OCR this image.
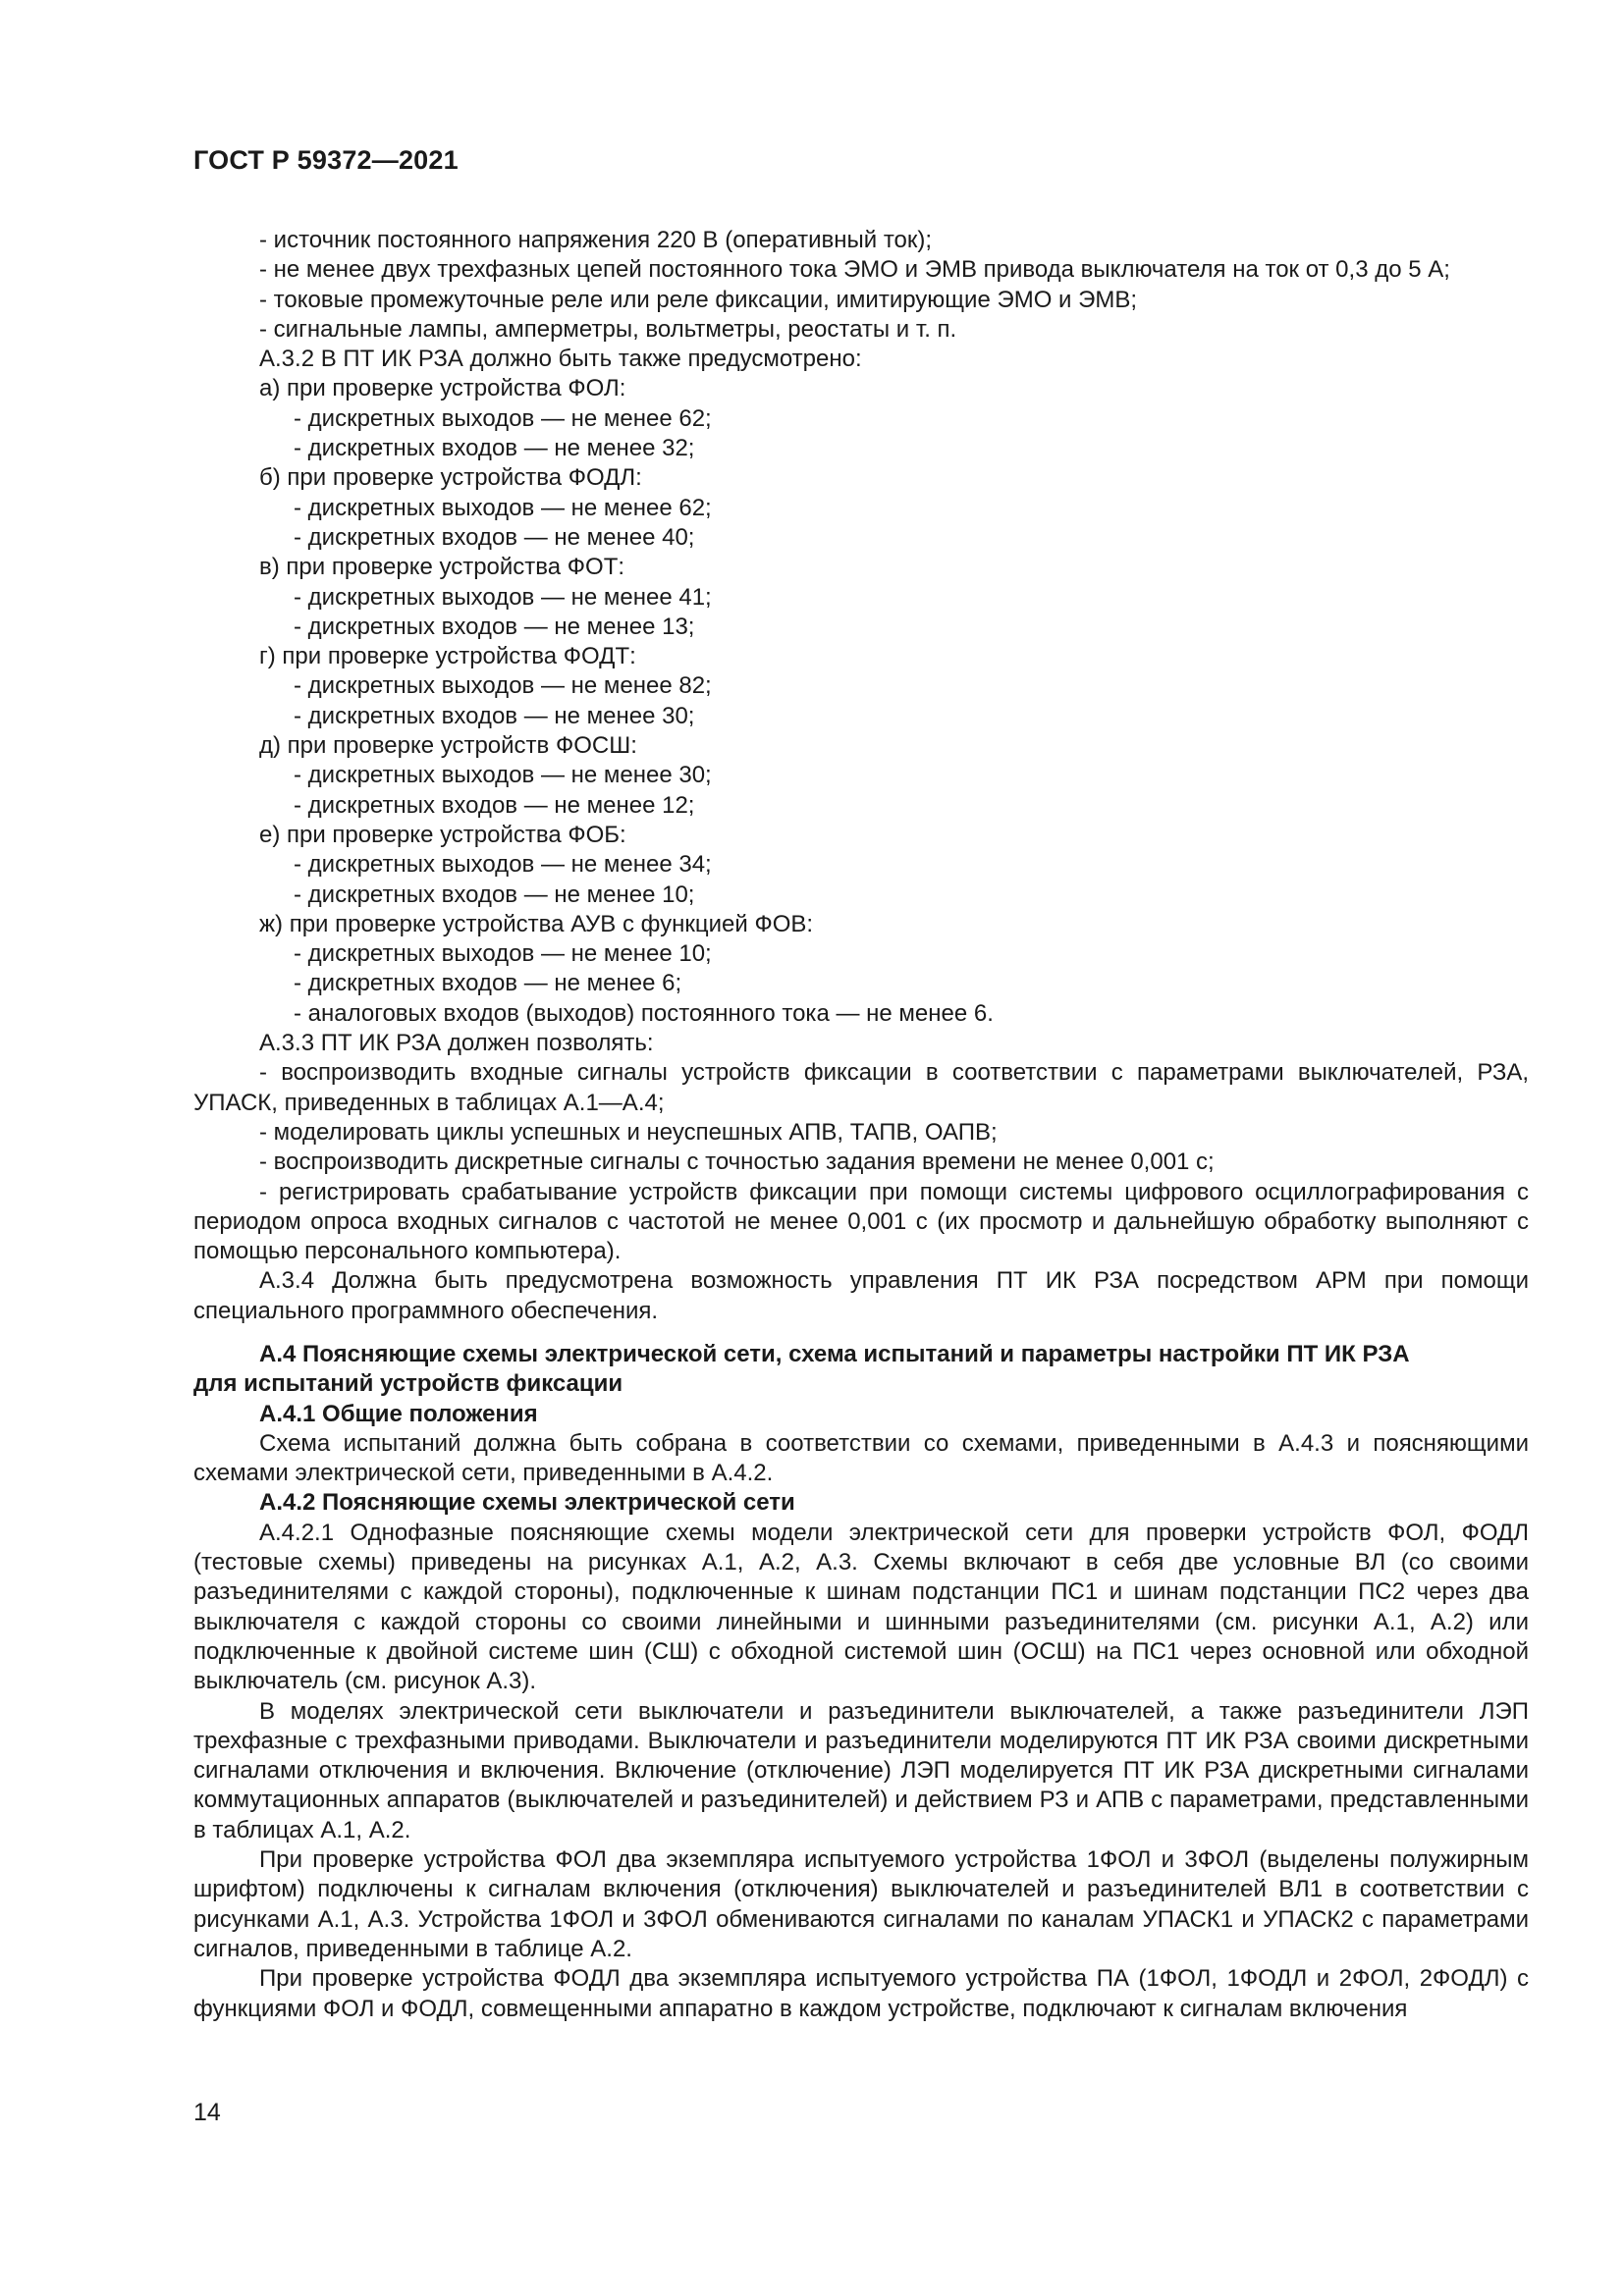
ГОСТ Р 59372—2021

- источник постоянного напряжения 220 В (оперативный ток);

- не менее двух трехфазных цепей постоянного тока ЭМО и ЭМВ привода выключателя на ток от 0,3 до 5 А;

- токовые промежуточные реле или реле фиксации, имитирующие ЭМО и ЭМВ;

- сигнальные лампы, амперметры, вольтметры, реостаты и т. п.

А.3.2 В ПТ ИК РЗА должно быть также предусмотрено:

а) при проверке устройства ФОЛ:

- дискретных выходов — не менее 62;

- дискретных входов — не менее 32;

б) при проверке устройства ФОДЛ:

- дискретных выходов — не менее 62;

- дискретных входов — не менее 40;

в) при проверке устройства ФОТ:

- дискретных выходов — не менее 41;

- дискретных входов — не менее 13;

г) при проверке устройства ФОДТ:

- дискретных выходов — не менее 82;

- дискретных входов — не менее 30;

д) при проверке устройств ФОСШ:

- дискретных выходов — не менее 30;

- дискретных входов — не менее 12;

е) при проверке устройства ФОБ:

- дискретных выходов — не менее 34;

- дискретных входов — не менее 10;

ж) при проверке устройства АУВ с функцией ФОВ:

- дискретных выходов — не менее 10;

- дискретных входов — не менее 6;

- аналоговых входов (выходов) постоянного тока — не менее 6.

А.3.3 ПТ ИК РЗА должен позволять:

- воспроизводить входные сигналы устройств фиксации в соответствии с параметрами выключателей, РЗА, УПАСК, приведенных в таблицах А.1—А.4;

- моделировать циклы успешных и неуспешных АПВ, ТАПВ, ОАПВ;

- воспроизводить дискретные сигналы с точностью задания времени не менее 0,001 с;

- регистрировать срабатывание устройств фиксации при помощи системы цифрового осциллографирования с периодом опроса входных сигналов с частотой не менее 0,001 с (их просмотр и дальнейшую обработку выполняют с помощью персонального компьютера).

А.3.4 Должна быть предусмотрена возможность управления ПТ ИК РЗА посредством АРМ при помощи специального программного обеспечения.

А.4 Поясняющие схемы электрической сети, схема испытаний и параметры настройки ПТ ИК РЗА

для испытаний устройств фиксации

А.4.1 Общие положения

Схема испытаний должна быть собрана в соответствии со схемами, приведенными в А.4.3 и поясняющими схемами электрической сети, приведенными в А.4.2.

А.4.2 Поясняющие схемы электрической сети

А.4.2.1 Однофазные поясняющие схемы модели электрической сети для проверки устройств ФОЛ, ФОДЛ (тестовые схемы) приведены на рисунках А.1, А.2, А.3. Схемы включают в себя две условные ВЛ (со своими разъединителями с каждой стороны), подключенные к шинам подстанции ПС1 и шинам подстанции ПС2 через два выключателя с каждой стороны со своими линейными и шинными разъединителями (см. рисунки А.1, А.2) или подключенные к двойной системе шин (СШ) с обходной системой шин (ОСШ) на ПС1 через основной или обходной выключатель (см. рисунок А.3).

В моделях электрической сети выключатели и разъединители выключателей, а также разъединители ЛЭП трехфазные с трехфазными приводами. Выключатели и разъединители моделируются ПТ ИК РЗА своими дискретными сигналами отключения и включения. Включение (отключение) ЛЭП моделируется ПТ ИК РЗА дискретными сигналами коммутационных аппаратов (выключателей и разъединителей) и действием РЗ и АПВ с параметрами, представленными в таблицах А.1, А.2.

При проверке устройства ФОЛ два экземпляра испытуемого устройства 1ФОЛ и 3ФОЛ (выделены полужирным шрифтом) подключены к сигналам включения (отключения) выключателей и разъединителей ВЛ1 в соответствии с рисунками А.1, А.3. Устройства 1ФОЛ и 3ФОЛ обмениваются сигналами по каналам УПАСК1 и УПАСК2 с параметрами сигналов, приведенными в таблице А.2.

При проверке устройства ФОДЛ два экземпляра испытуемого устройства ПА (1ФОЛ, 1ФОДЛ и 2ФОЛ, 2ФОДЛ) с функциями ФОЛ и ФОДЛ, совмещенными аппаратно в каждом устройстве, подключают к сигналам включения

14
